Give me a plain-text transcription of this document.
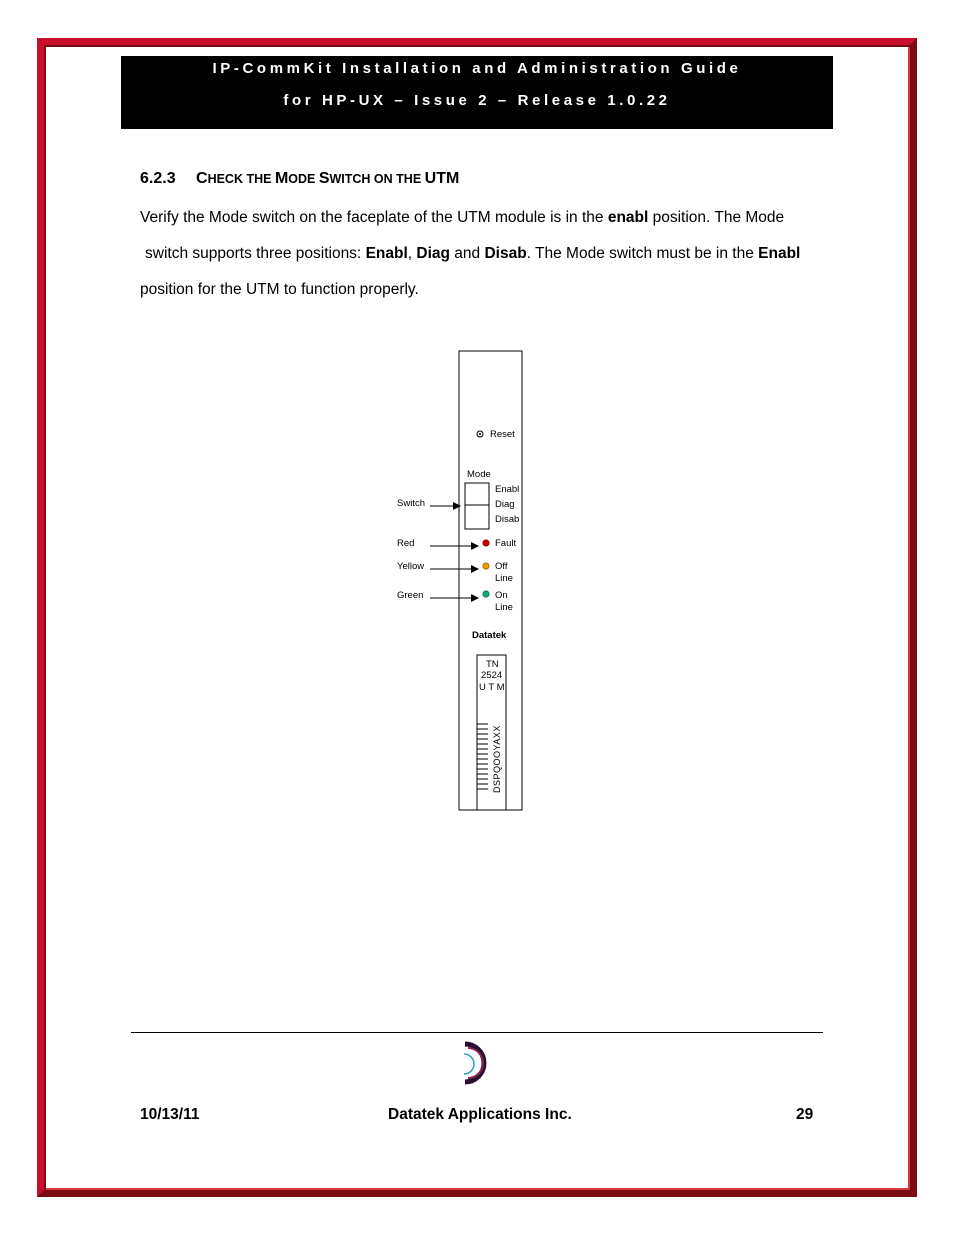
IP-CommKit Installation and Administration Guide
for HP-UX – Issue 2 – Release 1.0.22
6.2.3 CHECK THE MODE SWITCH ON THE UTM

Verify the Mode switch on the faceplate of the UTM module is in the enabl position. The Mode

switch supports three positions: Enabl, Diag and Disab. The Mode switch must be in the Enabl

position for the UTM to function properly.

Reset
Mode
Enabl
Diag
Disab
Switch
Red	Fault
Yellow	Off
Line
Green	On
Line
Datatek
TN
2524
U T M
DSPQOOYAXX
10/13/11	Datatek Applications Inc.	29
